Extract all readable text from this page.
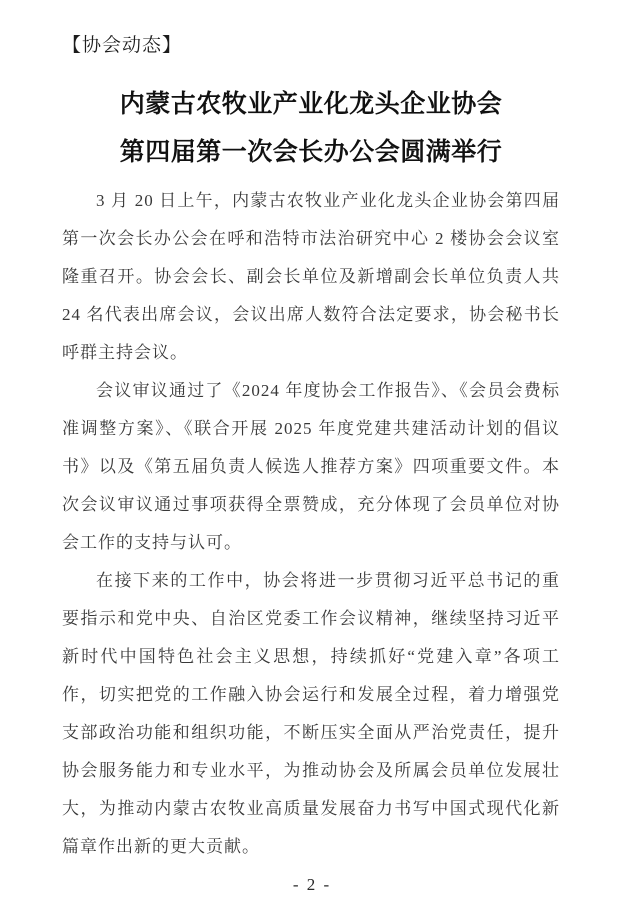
【协会动态】
内蒙古农牧业产业化龙头企业协会
第四届第一次会长办公会圆满举行

3 月 20 日上午，内蒙古农牧业产业化龙头企业协会第四届第一次会长办公会在呼和浩特市法治研究中心 2 楼协会会议室隆重召开。协会会长、副会长单位及新增副会长单位负责人共 24 名代表出席会议，会议出席人数符合法定要求，协会秘书长呼群主持会议。

会议审议通过了《2024 年度协会工作报告》、《会员会费标准调整方案》、《联合开展 2025 年度党建共建活动计划的倡议书》以及《第五届负责人候选人推荐方案》四项重要文件。本次会议审议通过事项获得全票赞成，充分体现了会员单位对协会工作的支持与认可。

在接下来的工作中，协会将进一步贯彻习近平总书记的重要指示和党中央、自治区党委工作会议精神，继续坚持习近平新时代中国特色社会主义思想，持续抓好“党建入章”各项工作，切实把党的工作融入协会运行和发展全过程，着力增强党支部政治功能和组织功能，不断压实全面从严治党责任，提升协会服务能力和专业水平，为推动协会及所属会员单位发展壮大，为推动内蒙古农牧业高质量发展奋力书写中国式现代化新篇章作出新的更大贡献。

- 2 -
